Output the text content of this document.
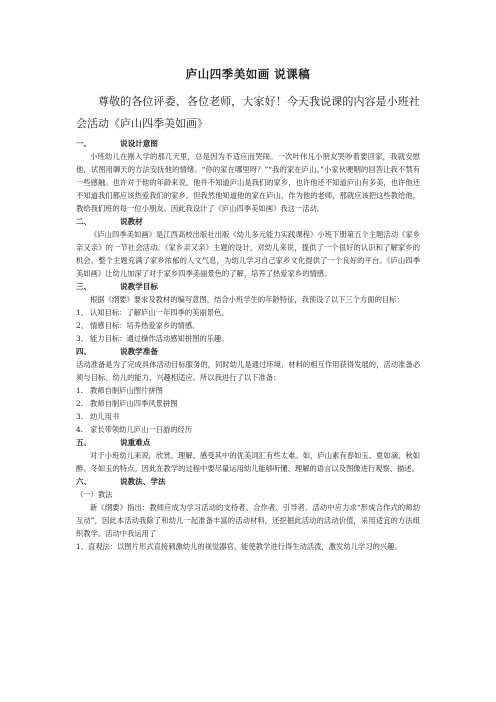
庐山四季美如画 说课稿

尊敬的各位评委、各位老师，大家好！今天我说课的内容是小班社会活动《庐山四季美如画》

一、	说设计意图

小班幼儿在刚入学的那几天里，总是因为不适应而哭闹。一次叶伟凡小朋友哭吵着要回家，我就安慰他，试图用聊天的方法安抚他的情绪。“你的家在哪里呀？”“我的家在庐山。”小家伙哽咽的回答让我不禁有一些感触。也许对于他的年龄来说，他并不知道庐山是我们的家乡，也许他还不知道庐山有多美，也许他还不知道我们都应该热爱我们的家乡。但我然他知道他的家在庐山，作为他的老师，那就应该把这些教给他，教给我们班的每一位小朋友。因此我设计了《庐山四季美如画》我这一活动。

二、	说教材

《庐山四季美如画》是江西高校出版社出版《幼儿多元能力实践课程》小班下册第五个主题活动《家乡亲又亲》的一节社会活动。《家乡亲又亲》主题的设计，对幼儿来说，提供了一个很好的认识和了解家乡的机会。整个主题充满了家乡浓郁的人文气息，为幼儿学习自己家乡文化提供了一个良好的平台。《庐山四季美如画》让幼儿加深了对于家乡四季美丽景色的了解，培养了热爱家乡的情感。

三、	说教学目标

根据《纲要》要求及教材的编写意图，结合小班学生的年龄特征，我预设了以下三个方面的目标：

1、 认知目标：了解庐山一年四季的美丽景色。
2、 情感目标：培养热爱家乡的情感。
3、 能力目标：通过操作活动感知拼图的乐趣。
四、	说教学准备

活动准备是为了完成具体活动目标服务的，同时幼儿是通过环境、材料的相互作用获得发展的，活动准备必须与目标、幼儿的能力、兴趣相适应。所以我进行了以下准备：

1. 教师自制庐山图片拼图
2. 教师自制庐山四季风景拼图
3. 幼儿用书
4. 家长带领幼儿庐山一日游的经历
五、	说重难点

对于小班幼儿来说，欣赏、理解、感受其中的优美词汇有些太难。如，庐山素有春如玉、夏如滴、秋如醉、冬如玉的特点。因此在教学的过程中要尽量运用幼儿能够听懂、理解的语言以及图像进行观察、描述。

六、	说教法、学法

（一）教法

新《纲要》指出：教师应成为学习活动的支持者、合作者、引导者。活动中应力求“形成合作式的师幼互动”，因此本活动我除了和幼儿一起准备丰富的活动材料，还挖掘此活动的活动价值，采用适宜的方法组织教学。活动中我运用了

1、直观法：以图片形式直接刺激幼儿的视觉器官，能使教学进行得生动活泼，激发幼儿学习的兴趣。
